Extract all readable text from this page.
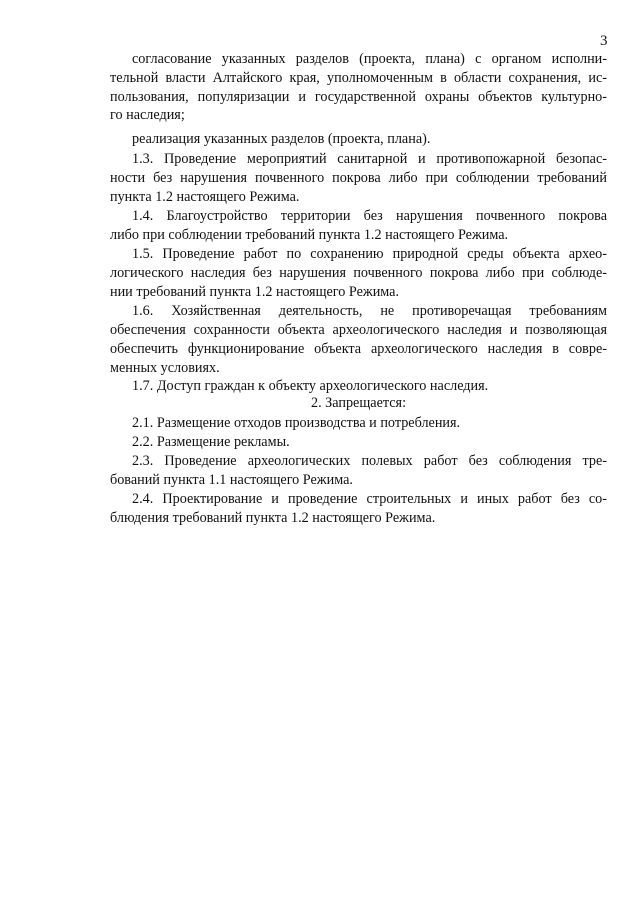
3
согласование указанных разделов (проекта, плана) с органом исполни-
тельной власти Алтайского края, уполномоченным в области сохранения, ис-
пользования, популяризации и государственной охраны объектов культурно-
го наследия;
реализация указанных разделов (проекта, плана).
1.3. Проведение мероприятий санитарной и противопожарной безопас-
ности без нарушения почвенного покрова либо при соблюдении требований
пункта 1.2 настоящего Режима.
1.4. Благоустройство территории без нарушения почвенного покрова
либо при соблюдении требований пункта 1.2 настоящего Режима.
1.5. Проведение работ по сохранению природной среды объекта архео-
логического наследия без нарушения почвенного покрова либо при соблюде-
нии требований пункта 1.2 настоящего Режима.
1.6. Хозяйственная деятельность, не противоречащая требованиям
обеспечения сохранности объекта археологического наследия и позволяющая
обеспечить функционирование объекта археологического наследия в совре-
менных условиях.
1.7. Доступ граждан к объекту археологического наследия.
2. Запрещается:
2.1. Размещение отходов производства и потребления.
2.2. Размещение рекламы.
2.3. Проведение археологических полевых работ без соблюдения тре-
бований пункта 1.1 настоящего Режима.
2.4. Проектирование и проведение строительных и иных работ без со-
блюдения требований пункта 1.2 настоящего Режима.
